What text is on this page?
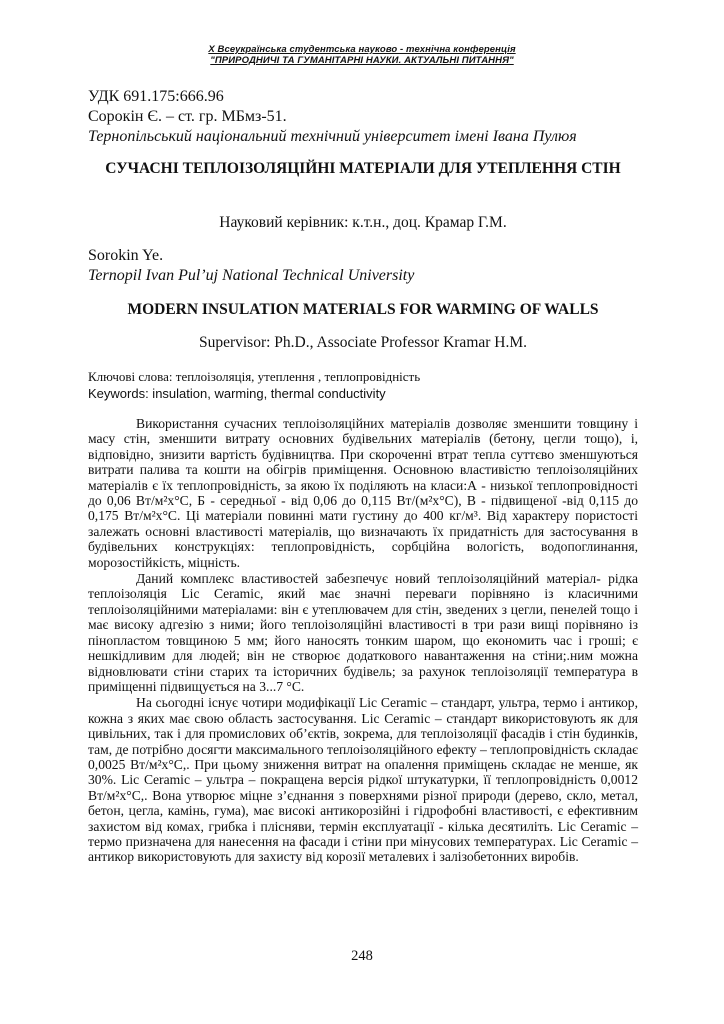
X Всеукраїнська студентська науково - технічна конференція
"ПРИРОДНИЧІ ТА ГУМАНІТАРНІ НАУКИ. АКТУАЛЬНІ ПИТАННЯ"
УДК 691.175:666.96
Сорокін Є. – ст. гр. МБмз-51.
Тернопільський національний технічний університет імені Івана Пулюя
СУЧАСНІ ТЕПЛОІЗОЛЯЦІЙНІ МАТЕРІАЛИ ДЛЯ УТЕПЛЕННЯ СТІН
Науковий керівник: к.т.н., доц. Крамар Г.М.
Sorokin Ye.
Ternopil Ivan Pul’uj National Technical University
MODERN INSULATION MATERIALS FOR WARMING OF WALLS
Supervisor: Ph.D., Associate Professor Kramar H.M.
Ключові слова: теплоізоляція, утеплення , теплопровідність
Keywords: insulation, warming, thermal conductivity

Використання сучасних теплоізоляційних матеріалів дозволяє зменшити товщину і масу стін, зменшити витрату основних будівельних матеріалів (бетону, цегли тощо), і, відповідно, знизити вартість будівництва. При скороченні втрат тепла суттєво зменшуються витрати палива та кошти на обігрів приміщення. Основною властивістю теплоізоляційних матеріалів є їх теплопровідність, за якою їх поділяють на класи:А - низької теплопровідності до 0,06 Вт/м²х°С, Б - середньої - від 0,06 до 0,115 Вт/(м²х°С), В - підвищеної -від 0,115 до 0,175 Вт/м²х°С. Ці матеріали повинні мати густину до 400 кг/м³. Від характеру пористості залежать основні властивості матеріалів, що визначають їх придатність для застосування в будівельних конструкціях: теплопровідність, сорбційна вологість, водопоглинання, морозостійкість, міцність.

Даний комплекс властивостей забезпечує новий теплоізоляційний матеріал- рідка теплоізоляція Lic Ceramic, який має значні переваги порівняно із класичними теплоізоляційними матеріалами: він є утеплювачем для стін, зведених з цегли, пенелей тощо і має високу адгезію з ними; його теплоізоляційні властивості в три рази вищі порівняно із пінопластом товщиною 5 мм; його наносять тонким шаром, що економить час і гроші; є нешкідливим для людей; він не створює додаткового навантаження на стіни;.ним можна відновлювати стіни старих та історичних будівель; за рахунок теплоізоляції температура в приміщенні підвищується на 3...7 °С.

На сьогодні існує чотири модифікації Lic Ceramic – стандарт, ультра, термо і антикор, кожна з яких має свою область застосування. Lic Ceramic – стандарт використовують як для цивільних, так і для промислових об’єктів, зокрема, для теплоізоляції фасадів і стін будинків, там, де потрібно досягти максимального теплоізоляційного ефекту – теплопровідність складає 0,0025 Вт/м²х°С,. При цьому зниження витрат на опалення приміщень складає не менше, як 30%. Lic Ceramic – ультра – покращена версія рідкої штукатурки, її теплопровідність 0,0012 Вт/м²х°С,. Вона утворює міцне з’єднання з поверхнями різної природи (дерево, скло, метал, бетон, цегла, камінь, гума), має високі антикорозійні і гідрофобні властивості, є ефективним захистом від комах, грибка і плісняви, термін експлуатації - кілька десятиліть. Lic Ceramic – термо призначена для нанесення на фасади і стіни при мінусових температурах. Lic Ceramic – антикор використовують для захисту від корозії металевих і залізобетонних виробів.

248
